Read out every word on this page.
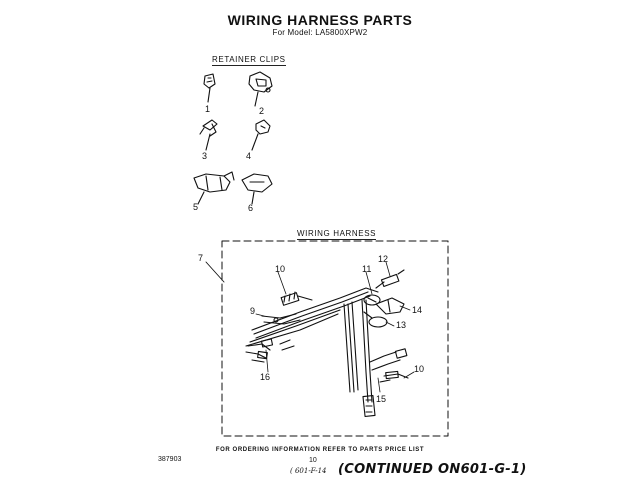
WIRING HARNESS PARTS
For Model: LA5800XPW2
RETAINER CLIPS
WIRING HARNESS
1	2
3	4
5	6
7
10
9
11
12
14
13
16
15
10
FOR ORDERING INFORMATION REFER TO PARTS PRICE LIST
387903	10
( 601-F-14 (CONTINUED ON601-G-1)
